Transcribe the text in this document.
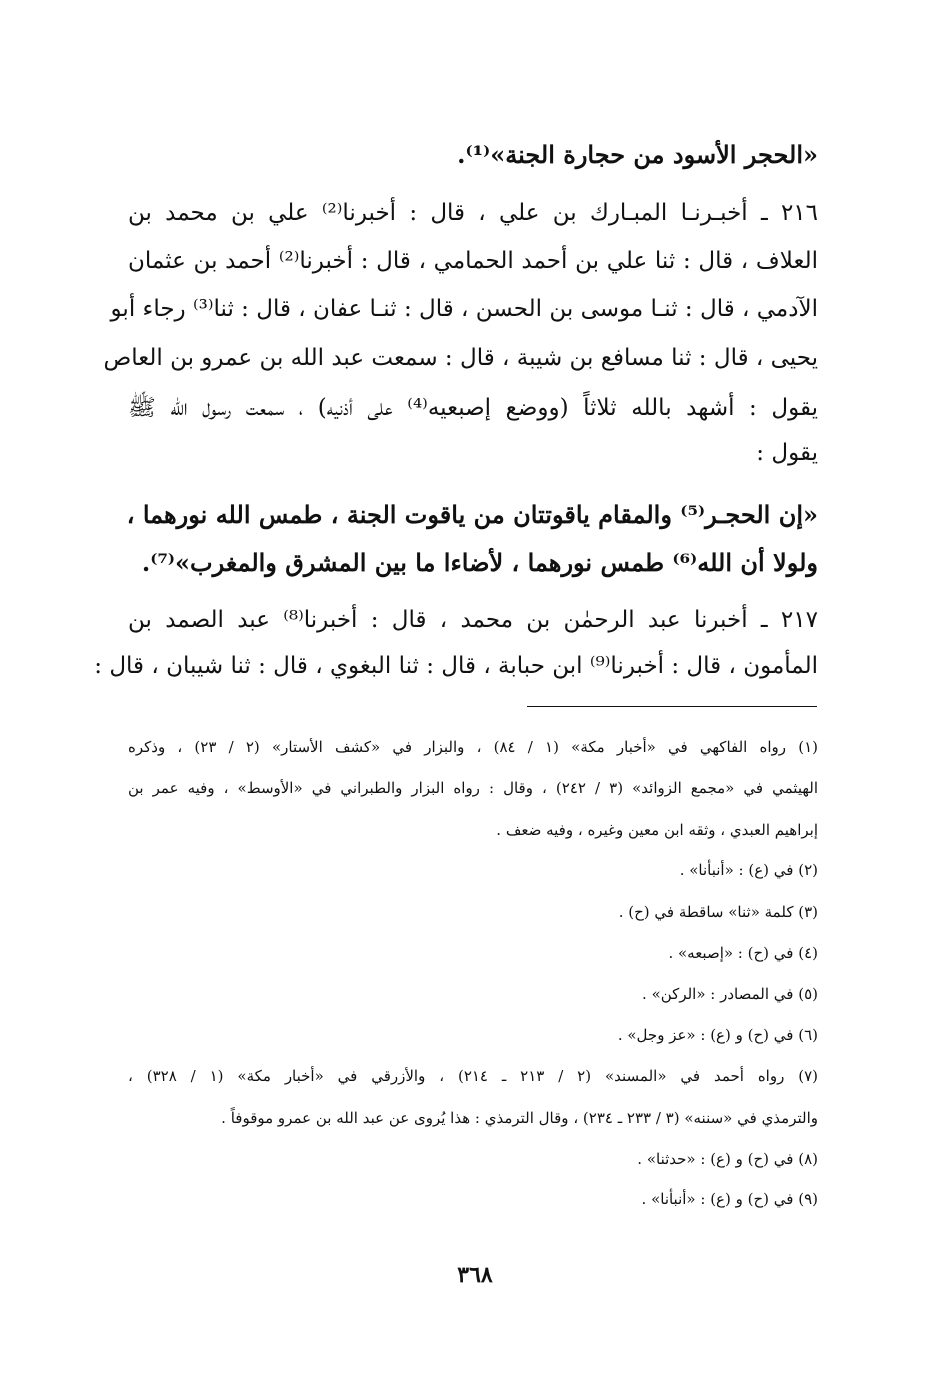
«الحجر الأسود من حجارة الجنة»⁽¹⁾.
٢١٦ ـ أخبـرنـا المبـارك بن علي ، قال : أخبرنا⁽²⁾ علي بن محمد بن
العلاف ، قال : ثنا علي بن أحمد الحمامي ، قال : أخبرنا⁽²⁾ أحمد بن عثمان
الآدمي ، قال : ثنـا موسى بن الحسن ، قال : ثنـا عفان ، قال : ثنا⁽³⁾ رجاء أبو
يحيى ، قال : ثنا مسافع بن شيبة ، قال : سمعت عبد الله بن عمرو بن العاص
يقول : أشهد بالله ثلاثاً (ووضع إصبعيه⁽⁴⁾ على أذنيه) ، سمعت رسول الله ﷺ
يقول :
«إن الحجـر⁽⁵⁾ والمقام ياقوتتان من ياقوت الجنة ، طمس الله نورهما ،
ولولا أن الله⁽⁶⁾ طمس نورهما ، لأضاءا ما بين المشرق والمغرب»⁽⁷⁾.
٢١٧ ـ أخبرنا عبد الرحمٰن بن محمد ، قال : أخبرنا⁽⁸⁾ عبد الصمد بن
المأمون ، قال : أخبرنا⁽⁹⁾ ابن حبابة ، قال : ثنا البغوي ، قال : ثنا شيبان ، قال :
(١) رواه الفاكهي في «أخبار مكة» (١ / ٨٤) ، والبزار في «كشف الأستار» (٢ / ٢٣) ، وذكره
الهيثمي في «مجمع الزوائد» (٣ / ٢٤٢) ، وقال : رواه البزار والطبراني في «الأوسط» ، وفيه عمر بن
إبراهيم العبدي ، وثقه ابن معين وغيره ، وفيه ضعف .
(٢) في (ع) : «أنبأنا» .
(٣) كلمة «ثنا» ساقطة في (ح) .
(٤) في (ح) : «إصبعه» .
(٥) في المصادر : «الركن» .
(٦) في (ح) و (ع) : «عز وجل» .
(٧) رواه أحمد في «المسند» (٢ / ٢١٣ ـ ٢١٤) ، والأزرقي في «أخبار مكة» (١ / ٣٢٨) ،
والترمذي في «سننه» (٣ / ٢٣٣ ـ ٢٣٤) ، وقال الترمذي : هذا يُروى عن عبد الله بن عمرو موقوفاً .
(٨) في (ح) و (ع) : «حدثنا» .
(٩) في (ح) و (ع) : «أنبأنا» .
٣٦٨
